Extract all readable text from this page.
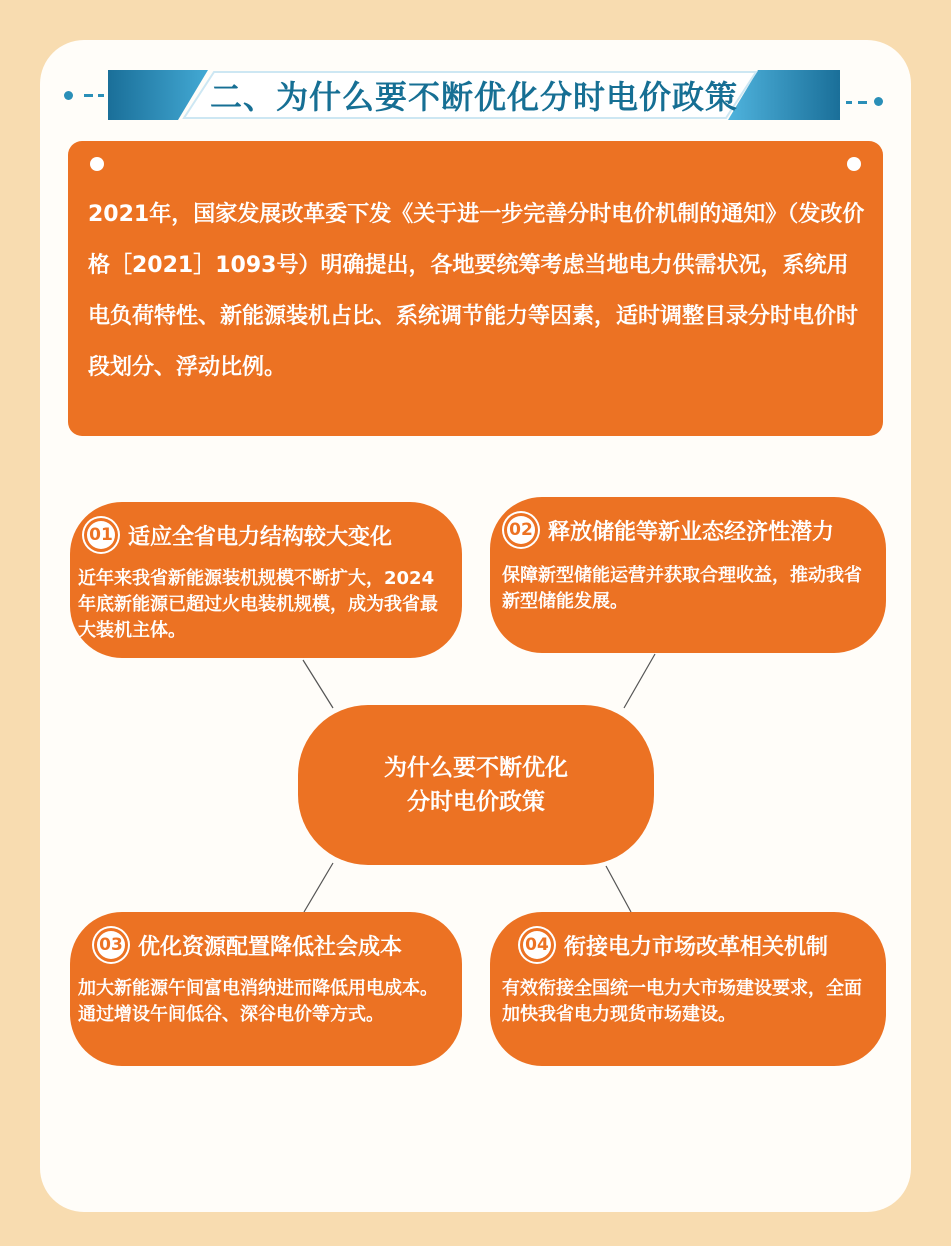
二、为什么要不断优化分时电价政策
2021年，国家发展改革委下发《关于进一步完善分时电价机制的通知》（发改价格［2021］1093号）明确提出，各地要统筹考虑当地电力供需状况，系统用电负荷特性、新能源装机占比、系统调节能力等因素，适时调整目录分时电价时段划分、浮动比例。
01 适应全省电力结构较大变化
近年来我省新能源装机规模不断扩大，2024年底新能源已超过火电装机规模，成为我省最大装机主体。
02 释放储能等新业态经济性潜力
保障新型储能运营并获取合理收益，推动我省新型储能发展。
为什么要不断优化
分时电价政策
03 优化资源配置降低社会成本
加大新能源午间富电消纳进而降低用电成本。通过增设午间低谷、深谷电价等方式。
04 衔接电力市场改革相关机制
有效衔接全国统一电力大市场建设要求，全面加快我省电力现货市场建设。
